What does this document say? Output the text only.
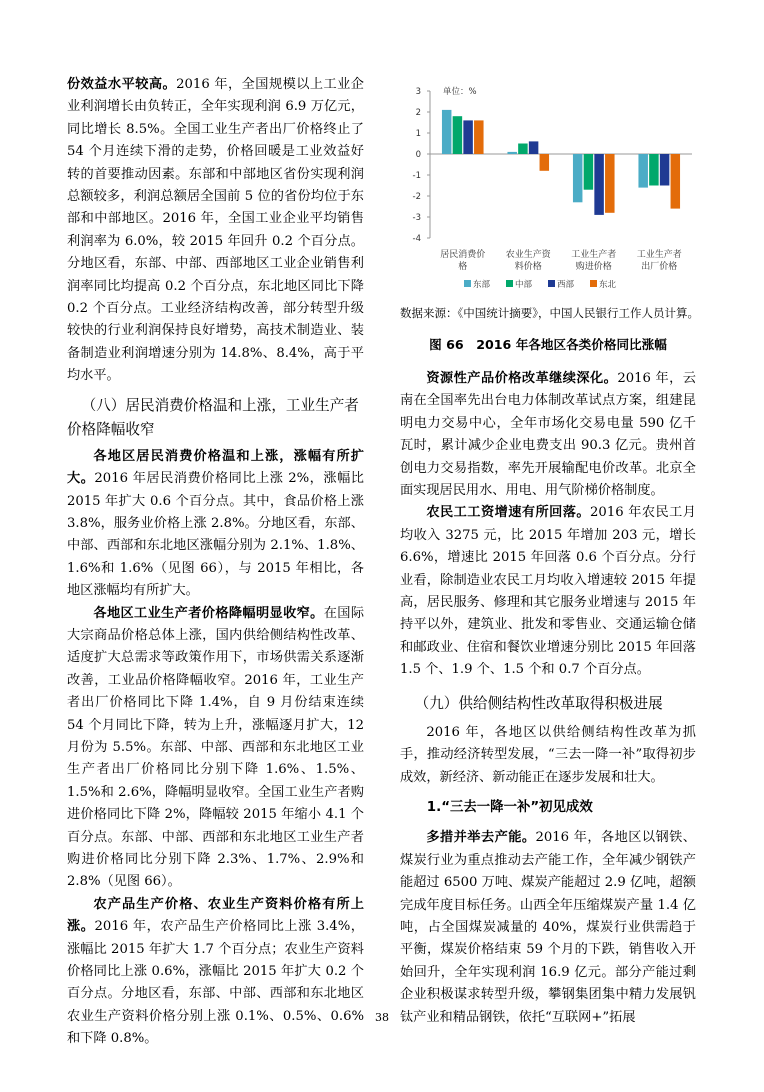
份效益水平较高。2016 年，全国规模以上工业企业利润增长由负转正，全年实现利润 6.9 万亿元，同比增长 8.5%。全国工业生产者出厂价格终止了 54 个月连续下滑的走势，价格回暖是工业效益好转的首要推动因素。东部和中部地区省份实现利润总额较多，利润总额居全国前 5 位的省份均位于东部和中部地区。2016 年，全国工业企业平均销售利润率为 6.0%，较 2015 年回升 0.2 个百分点。分地区看，东部、中部、西部地区工业企业销售利润率同比均提高 0.2 个百分点，东北地区同比下降 0.2 个百分点。工业经济结构改善，部分转型升级较快的行业利润保持良好增势，高技术制造业、装备制造业利润增速分别为 14.8%、8.4%，高于平均水平。

（八）居民消费价格温和上涨，工业生产者价格降幅收窄

各地区居民消费价格温和上涨，涨幅有所扩大。2016 年居民消费价格同比上涨 2%，涨幅比 2015 年扩大 0.6 个百分点。其中，食品价格上涨 3.8%，服务业价格上涨 2.8%。分地区看，东部、中部、西部和东北地区涨幅分别为 2.1%、1.8%、1.6%和 1.6%（见图 66），与 2015 年相比，各地区涨幅均有所扩大。

各地区工业生产者价格降幅明显收窄。在国际大宗商品价格总体上涨，国内供给侧结构性改革、适度扩大总需求等政策作用下，市场供需关系逐渐改善，工业品价格降幅收窄。2016 年，工业生产者出厂价格同比下降 1.4%，自 9 月份结束连续 54 个月同比下降，转为上升，涨幅逐月扩大，12 月份为 5.5%。东部、中部、西部和东北地区工业生产者出厂价格同比分别下降 1.6%、1.5%、1.5%和 2.6%，降幅明显收窄。全国工业生产者购进价格同比下降 2%，降幅较 2015 年缩小 4.1 个百分点。东部、中部、西部和东北地区工业生产者购进价格同比分别下降 2.3%、1.7%、2.9%和 2.8%（见图 66）。

农产品生产价格、农业生产资料价格有所上涨。2016 年，农产品生产价格同比上涨 3.4%，涨幅比 2015 年扩大 1.7 个百分点；农业生产资料价格同比上涨 0.6%，涨幅比 2015 年扩大 0.2 个百分点。分地区看，东部、中部、西部和东北地区农业生产资料价格分别上涨 0.1%、0.5%、0.6%和下降 0.8%。

单位：%
3
2
1
0
-1
-2
-3
-4
居民消费价
格
农业生产资
料价格
工业生产者
购进价格
工业生产者
出厂价格
东部	中部	西部	东北
数据来源：《中国统计摘要》，中国人民银行工作人员计算。
图 66　2016 年各地区各类价格同比涨幅

资源性产品价格改革继续深化。2016 年，云南在全国率先出台电力体制改革试点方案，组建昆明电力交易中心，全年市场化交易电量 590 亿千瓦时，累计减少企业电费支出 90.3 亿元。贵州首创电力交易指数，率先开展输配电价改革。北京全面实现居民用水、用电、用气阶梯价格制度。

农民工工资增速有所回落。2016 年农民工月均收入 3275 元，比 2015 年增加 203 元，增长 6.6%，增速比 2015 年回落 0.6 个百分点。分行业看，除制造业农民工月均收入增速较 2015 年提高，居民服务、修理和其它服务业增速与 2015 年持平以外，建筑业、批发和零售业、交通运输仓储和邮政业、住宿和餐饮业增速分别比 2015 年回落 1.5 个、1.9 个、1.5 个和 0.7 个百分点。

（九）供给侧结构性改革取得积极进展

2016 年，各地区以供给侧结构性改革为抓手，推动经济转型发展，“三去一降一补”取得初步成效，新经济、新动能正在逐步发展和壮大。

1.“三去一降一补”初见成效

多措并举去产能。2016 年，各地区以钢铁、煤炭行业为重点推动去产能工作，全年减少钢铁产能超过 6500 万吨、煤炭产能超过 2.9 亿吨，超额完成年度目标任务。山西全年压缩煤炭产量 1.4 亿吨，占全国煤炭减量的 40%，煤炭行业供需趋于平衡，煤炭价格结束 59 个月的下跌，销售收入开始回升，全年实现利润 16.9 亿元。部分产能过剩企业积极谋求转型升级，攀钢集团集中精力发展钒钛产业和精品钢铁，依托“互联网+”拓展

38
